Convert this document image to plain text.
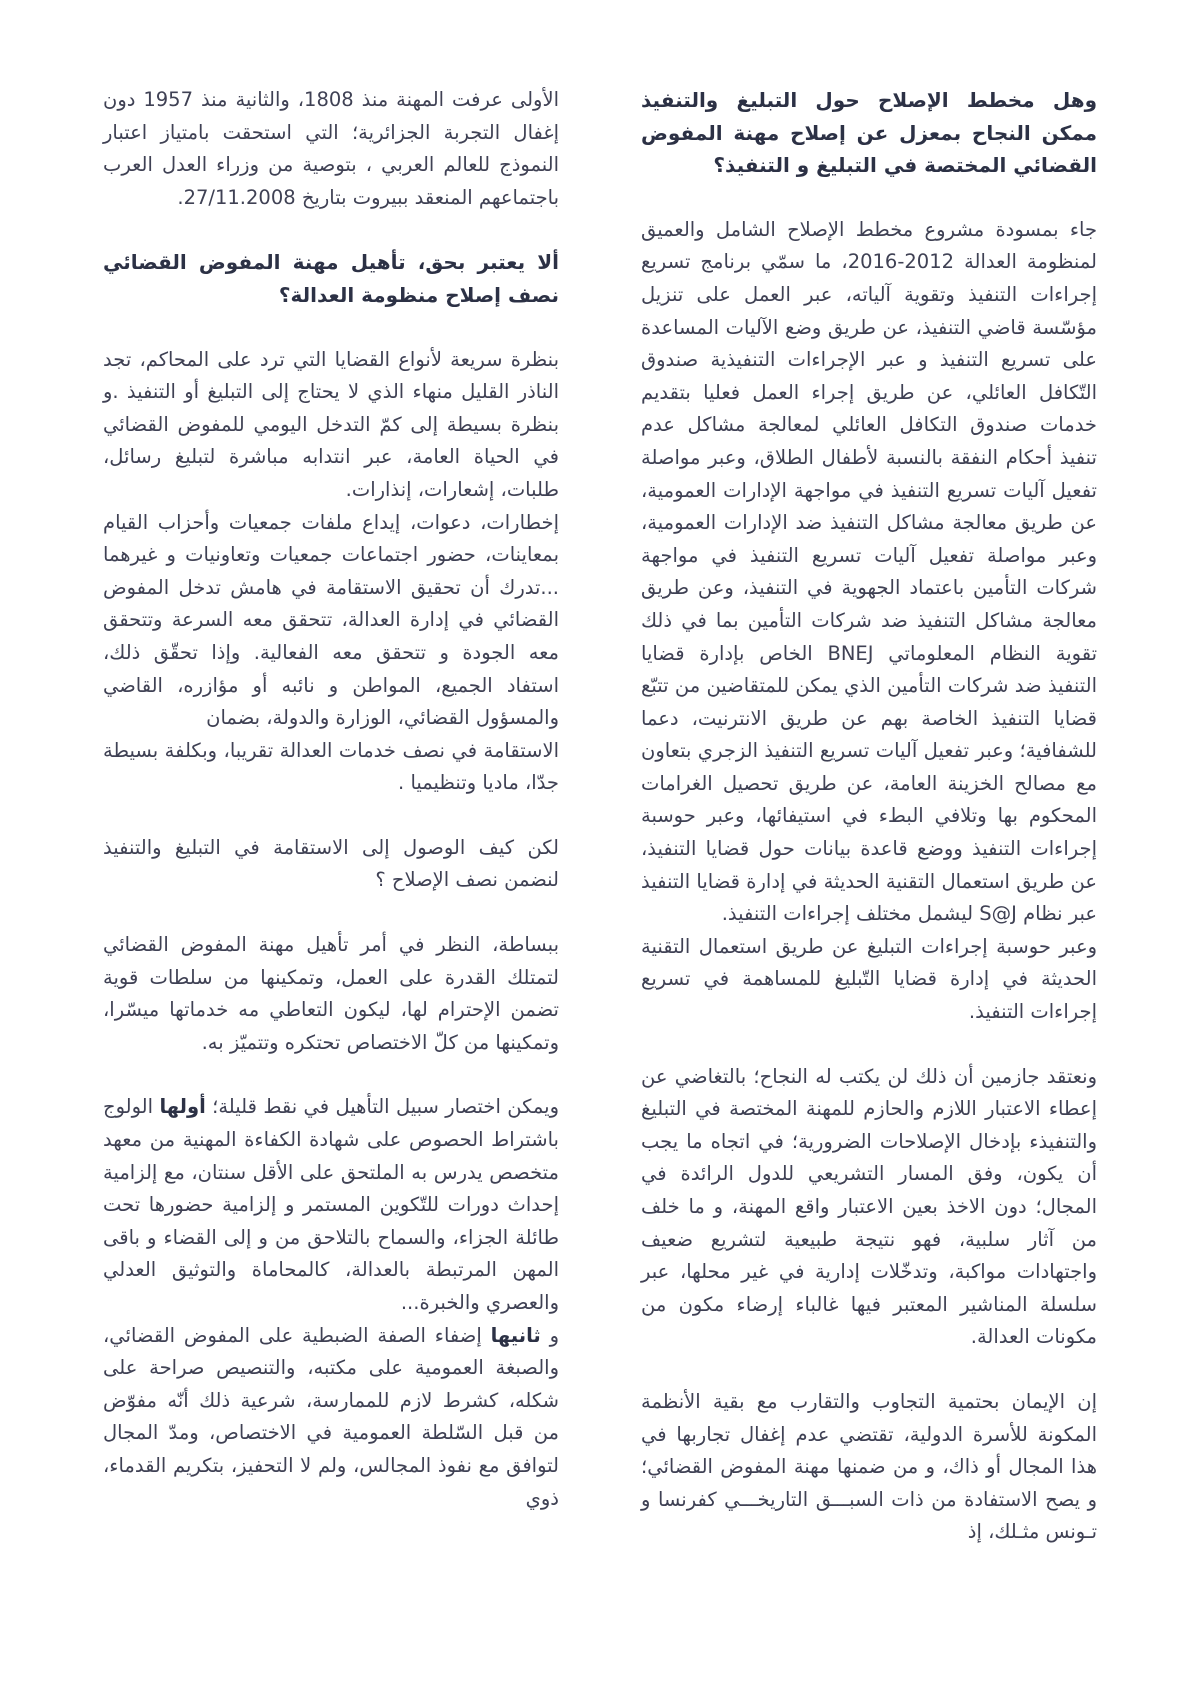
وهل مخطط الإصلاح حول التبليغ والتنفيذ ممكن النجاح بمعزل عن إصلاح مهنة المفوض القضائي المختصة في التبليغ و التنفيذ؟

جاء بمسودة مشروع مخطط الإصلاح الشامل والعميق لمنظومة العدالة 2012-2016، ما سمّي برنامج تسريع إجراءات التنفيذ وتقوية آلياته، عبر العمل على تنزيل مؤسّسة قاضي التنفيذ، عن طريق وضع الآليات المساعدة على تسريع التنفيذ و عبر الإجراءات التنفيذية صندوق التّكافل العائلي، عن طريق إجراء العمل فعليا بتقديم خدمات صندوق التكافل العائلي لمعالجة مشاكل عدم تنفيذ أحكام النفقة بالنسبة لأطفال الطلاق، وعبر مواصلة تفعيل آليات تسريع التنفيذ في مواجهة الإدارات العمومية، عن طريق معالجة مشاكل التنفيذ ضد الإدارات العمومية، وعبر مواصلة تفعيل آليات تسريع التنفيذ في مواجهة شركات التأمين باعتماد الجهوية في التنفيذ، وعن طريق معالجة مشاكل التنفيذ ضد شركات التأمين بما في ذلك تقوية النظام المعلوماتي BNEJ الخاص بإدارة قضايا التنفيذ ضد شركات التأمين الذي يمكن للمتقاضين من تتبّع قضايا التنفيذ الخاصة بهم عن طريق الانترنيت، دعما للشفافية؛ وعبر تفعيل آليات تسريع التنفيذ الزجري بتعاون مع مصالح الخزينة العامة، عن طريق تحصيل الغرامات المحكوم بها وتلافي البطء في استيفائها، وعبر حوسبة إجراءات التنفيذ ووضع قاعدة بيانات حول قضايا التنفيذ، عن طريق استعمال التقنية الحديثة في إدارة قضايا التنفيذ عبر نظام S@J ليشمل مختلف إجراءات التنفيذ.

وعبر حوسبة إجراءات التبليغ عن طريق استعمال التقنية الحديثة في إدارة قضايا التّبليغ للمساهمة في تسريع إجراءات التنفيذ.

ونعتقد جازمين أن ذلك لن يكتب له النجاح؛ بالتغاضي عن إعطاء الاعتبار اللازم والحازم للمهنة المختصة في التبليغ والتنفيذء بإدخال الإصلاحات الضرورية؛ في اتجاه ما يجب أن يكون، وفق المسار التشريعي للدول الرائدة في المجال؛ دون الاخذ بعين الاعتبار واقع المهنة، و ما خلف من آثار سلبية، فهو نتيجة طبيعية لتشريع ضعيف واجتهادات مواكبة، وتدخّلات إدارية في غير محلها، عبر سلسلة المناشير المعتبر فيها غالباء إرضاء مكون من مكونات العدالة.

إن الإيمان بحتمية التجاوب والتقارب مع بقية الأنظمة المكونة للأسرة الدولية، تقتضي عدم إغفال تجاربها في هذا المجال أو ذاك، و من ضمنها مهنة المفوض القضائي؛ و يصح الاستفادة من ذات السبـــق التاريخـــي كفرنسا و تـونس مثـلك، إذ

الأولى عرفت المهنة منذ 1808، والثانية منذ 1957 دون إغفال التجربة الجزائرية؛ التي استحقت بامتياز اعتبار النموذج للعالم العربي ، بتوصية من وزراء العدل العرب باجتماعهم المنعقد ببيروت بتاريخ 27/11.2008.

ألا يعتبر بحق، تأهيل مهنة المفوض القضائي نصف إصلاح منظومة العدالة؟

بنظرة سريعة لأنواع القضايا التي ترد على المحاكم، تجد الناذر القليل منهاء الذي لا يحتاج إلى التبليغ أو التنفيذ .و بنظرة بسيطة إلى كمّ التدخل اليومي للمفوض القضائي في الحياة العامة، عبر انتدابه مباشرة لتبليغ رسائل، طلبات، إشعارات، إنذارات.

إخطارات، دعوات، إيداع ملفات جمعيات وأحزاب القيام بمعاينات، حضور اجتماعات جمعيات وتعاونيات و غيرهما ...تدرك أن تحقيق الاستقامة في هامش تدخل المفوض القضائي في إدارة العدالة، تتحقق معه السرعة وتتحقق معه الجودة و تتحقق معه الفعالية. وإذا تحقّق ذلك، استفاد الجميع، المواطن و نائبه أو مؤازره، القاضي والمسؤول القضائي، الوزارة والدولة، بضمان

الاستقامة في نصف خدمات العدالة تقريبا، وبكلفة بسيطة جدّا، ماديا وتنظيميا .

لكن كيف الوصول إلى الاستقامة في التبليغ والتنفيذ لنضمن نصف الإصلاح ؟

ببساطة، النظر في أمر تأهيل مهنة المفوض القضائي لتمتلك القدرة على العمل، وتمكينها من سلطات قوية تضمن الإحترام لها، ليكون التعاطي مه خدماتها ميسّرا، وتمكينها من كلّ الاختصاص تحتكره وتتميّز به.

ويمكن اختصار سبيل التأهيل في نقط قليلة؛ أولها الولوج باشتراط الحصوص على شهادة الكفاءة المهنية من معهد متخصص يدرس به الملتحق على الأقل سنتان، مع إلزامية إحداث دورات للتّكوين المستمر و إلزامية حضورها تحت طائلة الجزاء، والسماح بالتلاحق من و إلى القضاء و باقى المهن المرتبطة بالعدالة، كالمحاماة والتوثيق العدلي والعصري والخبرة...

و ثانيها إضفاء الصفة الضبطية على المفوض القضائي، والصبغة العمومية على مكتبه، والتنصيص صراحة على شكله، كشرط لازم للممارسة، شرعية ذلك أنّه مفوّض من قبل السّلطة العمومية في الاختصاص، ومدّ المجال لتوافق مع نفوذ المجالس، ولم لا التحفيز، بتكريم القدماء، ذوي
